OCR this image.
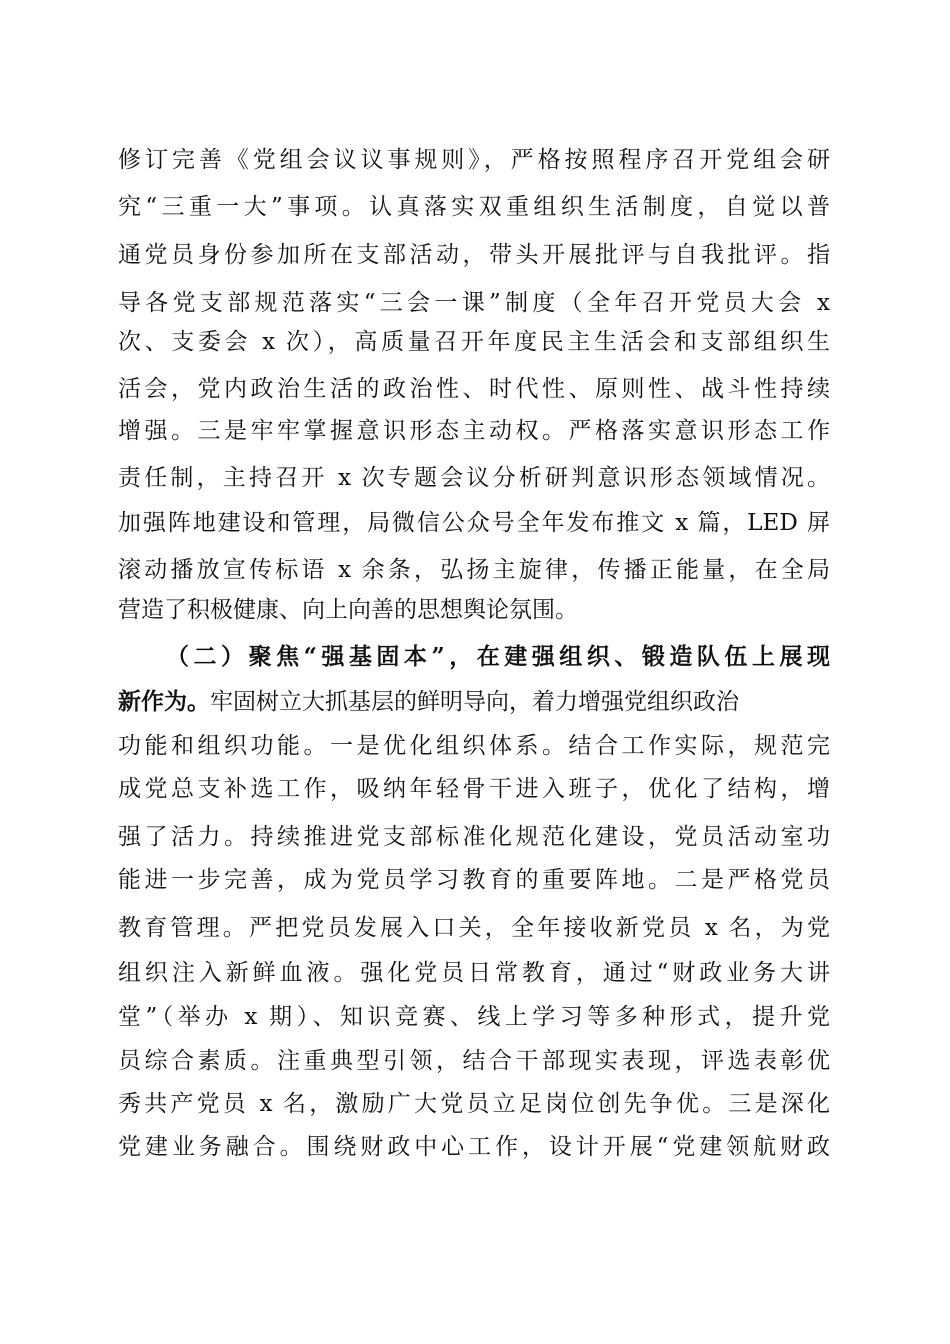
修订完善《党组会议议事规则》，严格按照程序召开党组会研
究“三重一大”事项。认真落实双重组织生活制度，自觉以普
通党员身份参加所在支部活动，带头开展批评与自我批评。指
导各党支部规范落实“三会一课”制度（全年召开党员大会 x
次、支委会 x 次），高质量召开年度民主生活会和支部组织生
活会，党内政治生活的政治性、时代性、原则性、战斗性持续
增强。三是牢牢掌握意识形态主动权。严格落实意识形态工作
责任制，主持召开 x 次专题会议分析研判意识形态领域情况。
加强阵地建设和管理，局微信公众号全年发布推文 x 篇，LED 屏
滚动播放宣传标语 x 余条，弘扬主旋律，传播正能量，在全局
营造了积极健康、向上向善的思想舆论氛围。
（二）聚焦“强基固本”，在建强组织、锻造队伍上展现
新作为。牢固树立大抓基层的鲜明导向，着力增强党组织政治
功能和组织功能。一是优化组织体系。结合工作实际，规范完
成党总支补选工作，吸纳年轻骨干进入班子，优化了结构，增
强了活力。持续推进党支部标准化规范化建设，党员活动室功
能进一步完善，成为党员学习教育的重要阵地。二是严格党员
教育管理。严把党员发展入口关，全年接收新党员 x 名，为党
组织注入新鲜血液。强化党员日常教育，通过“财政业务大讲
堂”（举办 x 期）、知识竞赛、线上学习等多种形式，提升党
员综合素质。注重典型引领，结合干部现实表现，评选表彰优
秀共产党员 x 名，激励广大党员立足岗位创先争优。三是深化
党建业务融合。围绕财政中心工作，设计开展“党建领航财政
